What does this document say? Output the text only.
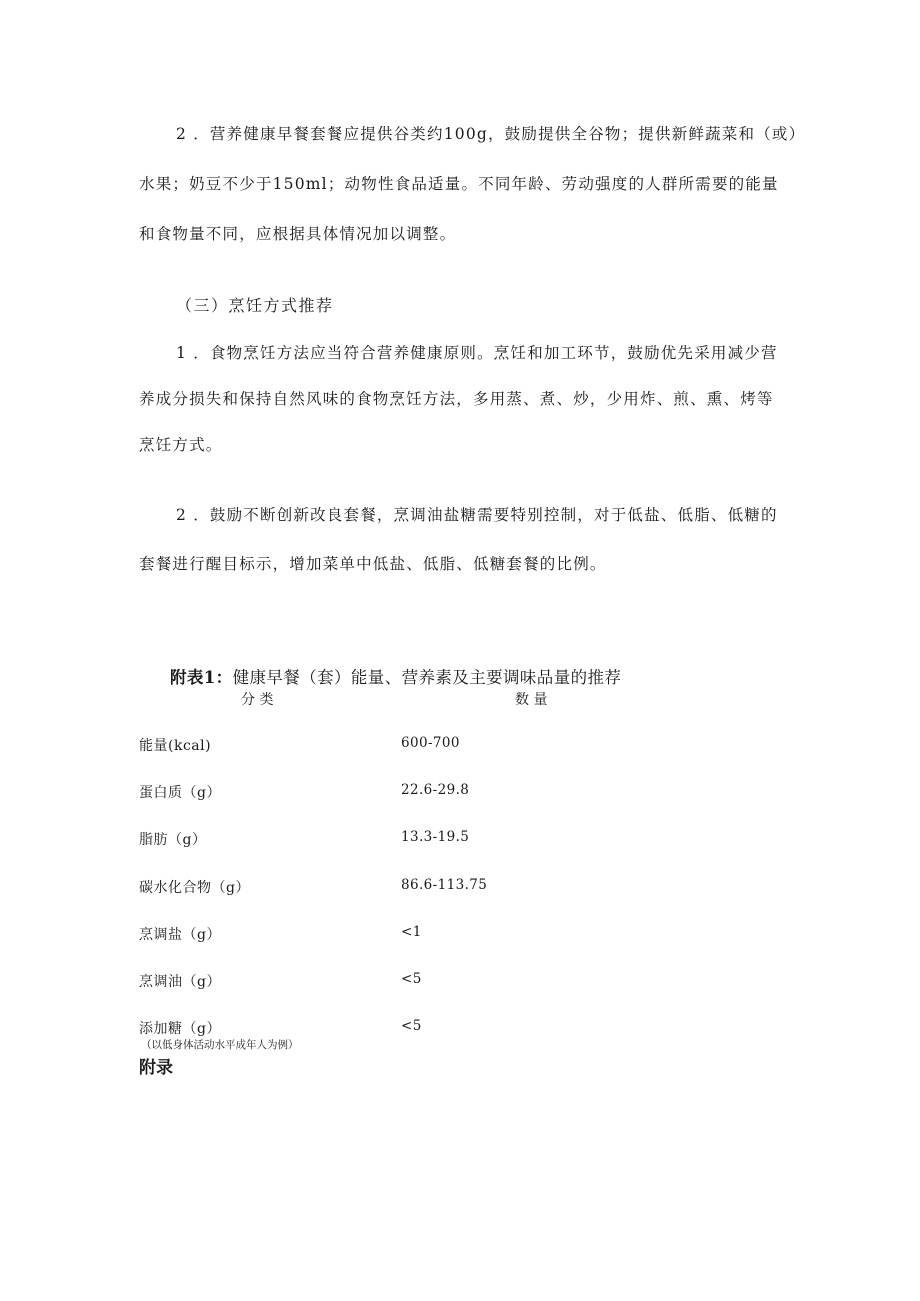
2 ．营养健康早餐套餐应提供谷类约100g，鼓励提供全谷物；提供新鲜蔬菜和（或）
水果；奶豆不少于150ml；动物性食品适量。不同年龄、劳动强度的人群所需要的能量
和食物量不同，应根据具体情况加以调整。
（三）烹饪方式推荐
1 ．食物烹饪方法应当符合营养健康原则。烹饪和加工环节，鼓励优先采用减少营
养成分损失和保持自然风味的食物烹饪方法，多用蒸、煮、炒，少用炸、煎、熏、烤等
烹饪方式。
2 ．鼓励不断创新改良套餐，烹调油盐糖需要特别控制，对于低盐、低脂、低糖的
套餐进行醒目标示，增加菜单中低盐、低脂、低糖套餐的比例。
附表1：健康早餐（套）能量、营养素及主要调味品量的推荐
分 类	数 量
能量(kcal)	600-700
蛋白质（g）	22.6-29.8
脂肪（g）	13.3-19.5
碳水化合物（g）	86.6-113.75
烹调盐（g）	<1
烹调油（g）	<5
添加糖（g）	<5
（以低身体活动水平成年人为例）
附录
